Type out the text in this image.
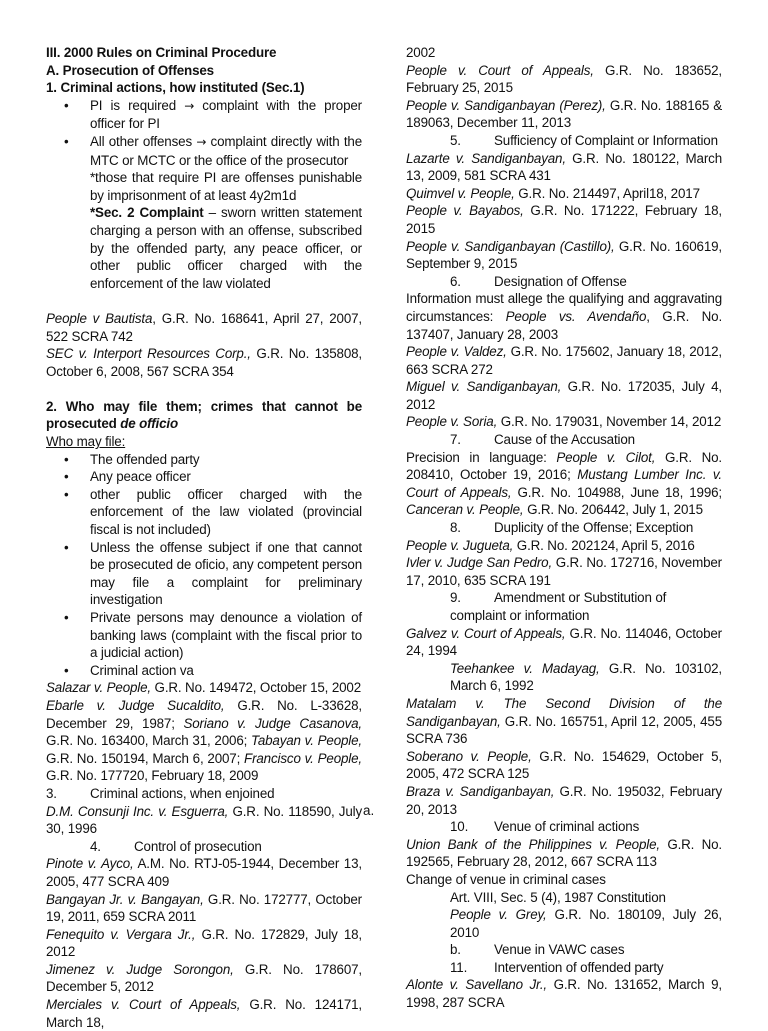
III. 2000 Rules on Criminal Procedure

A. Prosecution of Offenses

1. Criminal actions, how instituted (Sec.1)

• PI is required → complaint with the proper officer for PI

• All other offenses → complaint directly with the MTC or MCTC or the office of the prosecutor

*those that require PI are offenses punishable by imprisonment of at least 4y2m1d

*Sec. 2 Complaint – sworn written statement charging a person with an offense, subscribed by the offended party, any peace officer, or other public officer charged with the enforcement of the law violated

People v Bautista, G.R. No. 168641, April 27, 2007, 522 SCRA 742

SEC v. Interport Resources Corp., G.R. No. 135808, October 6, 2008, 567 SCRA 354

2. Who may file them; crimes that cannot be prosecuted de officio

Who may file:

• The offended party

• Any peace officer

• other public officer charged with the enforcement of the law violated (provincial fiscal is not included)

• Unless the offense subject if one that cannot be prosecuted de oficio, any competent person may file a complaint for preliminary investigation

• Private persons may denounce a violation of banking laws (complaint with the fiscal prior to a judicial action)

• Criminal action va

Salazar v. People, G.R. No. 149472, October 15, 2002

Ebarle v. Judge Sucaldito, G.R. No. L-33628, December 29, 1987; Soriano v. Judge Casanova, G.R. No. 163400, March 31, 2006; Tabayan v. People, G.R. No. 150194, March 6, 2007; Francisco v. People, G.R. No. 177720, February 18, 2009

3. Criminal actions, when enjoined

D.M. Consunji Inc. v. Esguerra, G.R. No. 118590, July 30, 1996

4. Control of prosecution

Pinote v. Ayco, A.M. No. RTJ-05-1944, December 13, 2005, 477 SCRA 409

Bangayan Jr. v. Bangayan, G.R. No. 172777, October 19, 2011, 659 SCRA 2011

Fenequito v. Vergara Jr., G.R. No. 172829, July 18, 2012

Jimenez v. Judge Sorongon, G.R. No. 178607, December 5, 2012

Merciales v. Court of Appeals, G.R. No. 124171, March 18,

2002

People v. Court of Appeals, G.R. No. 183652, February 25, 2015

People v. Sandiganbayan (Perez), G.R. No. 188165 & 189063, December 11, 2013

5. Sufficiency of Complaint or Information

Lazarte v. Sandiganbayan, G.R. No. 180122, March 13, 2009, 581 SCRA 431

Quimvel v. People, G.R. No. 214497, April18, 2017

People v. Bayabos, G.R. No. 171222, February 18, 2015

People v. Sandiganbayan (Castillo), G.R. No. 160619, September 9, 2015

6. Designation of Offense

Information must allege the qualifying and aggravating circumstances: People vs. Avendaño, G.R. No. 137407, January 28, 2003

People v. Valdez, G.R. No. 175602, January 18, 2012, 663 SCRA 272

Miguel v. Sandiganbayan, G.R. No. 172035, July 4, 2012

People v. Soria, G.R. No. 179031, November 14, 2012

7. Cause of the Accusation

Precision in language: People v. Cilot, G.R. No. 208410, October 19, 2016; Mustang Lumber Inc. v. Court of Appeals, G.R. No. 104988, June 18, 1996; Canceran v. People, G.R. No. 206442, July 1, 2015

8. Duplicity of the Offense; Exception

People v. Jugueta, G.R. No. 202124, April 5, 2016

Ivler v. Judge San Pedro, G.R. No. 172716, November 17, 2010, 635 SCRA 191

9. Amendment or Substitution of complaint or information

Galvez v. Court of Appeals, G.R. No. 114046, October 24, 1994

Teehankee v. Madayag, G.R. No. 103102, March 6, 1992

Matalam v. The Second Division of the Sandiganbayan, G.R. No. 165751, April 12, 2005, 455 SCRA 736

Soberano v. People, G.R. No. 154629, October 5, 2005, 472 SCRA 125

Braza v. Sandiganbayan, G.R. No. 195032, February 20, 2013

10. Venue of criminal actions

Union Bank of the Philippines v. People, G.R. No. 192565, February 28, 2012, 667 SCRA 113

Change of venue in criminal cases

Art. VIII, Sec. 5 (4), 1987 Constitution

People v. Grey, G.R. No. 180109, July 26, 2010

b. Venue in VAWC cases

11. Intervention of offended party

Alonte v. Savellano Jr., G.R. No. 131652, March 9, 1998, 287 SCRA

a.
